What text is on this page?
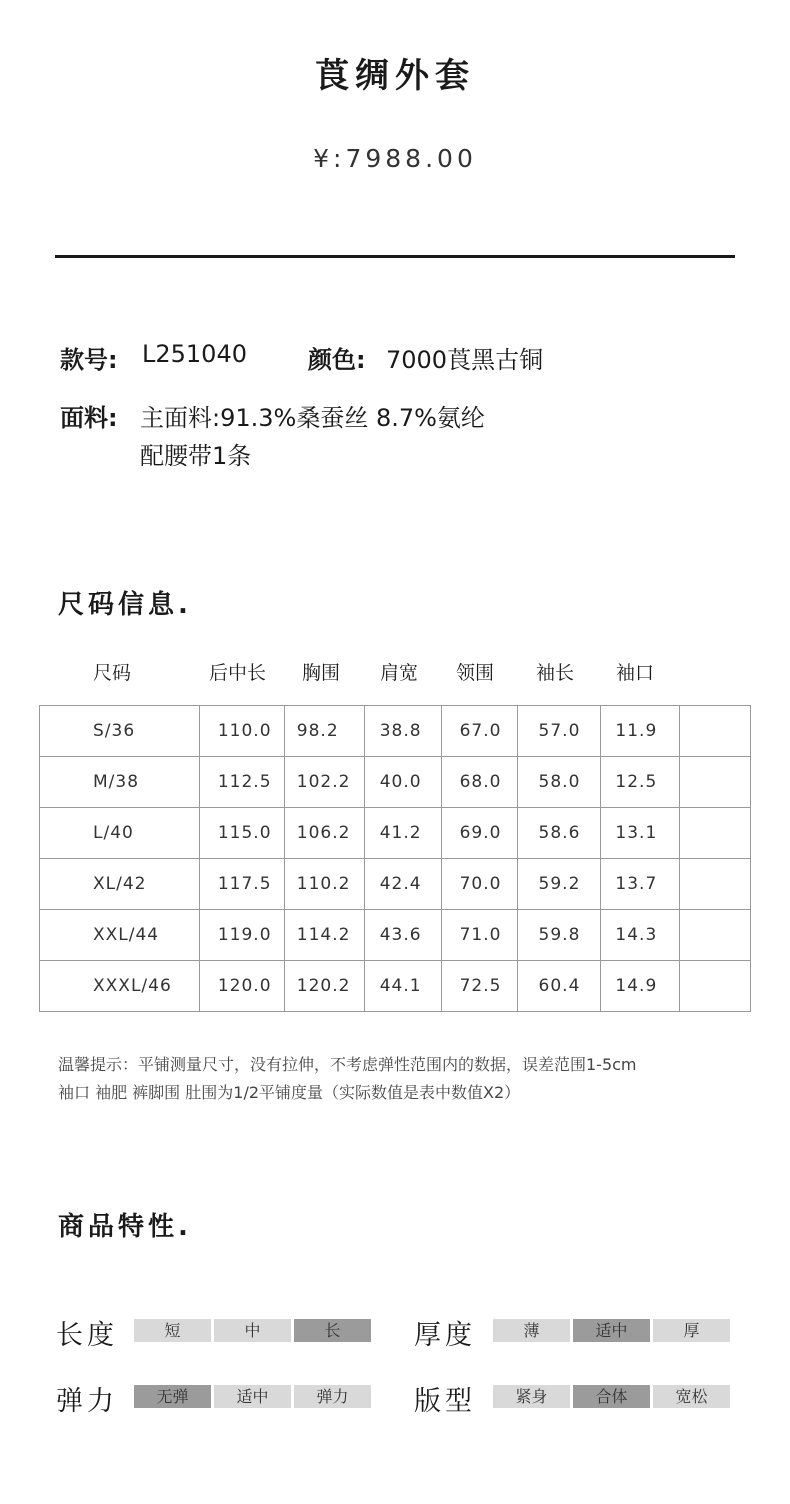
莨绸外套
¥:7988.00
款号: L251040	颜色: 7000莨黑古铜
面料: 主面料:91.3%桑蚕丝 8.7%氨纶
配腰带1条
尺码信息.
尺码	后中长 胸围 肩宽 领围 袖长 袖口
S/36	110.0	98.2	38.8	67.0	57.0	11.9	
M/38	112.5	102.2	40.0	68.0	58.0	12.5	
L/40	115.0	106.2	41.2	69.0	58.6	13.1	
XL/42	117.5	110.2	42.4	70.0	59.2	13.7	
XXL/44	119.0	114.2	43.6	71.0	59.8	14.3	
XXXL/46	120.0	120.2	44.1	72.5	60.4	14.9	
温馨提示：平铺测量尺寸，没有拉伸，不考虑弹性范围内的数据，误差范围1-5cm
袖口 袖肥 裤脚围 肚围为1/2平铺度量（实际数值是表中数值X2）
商品特性.
长度	短	中	长	厚度	薄	适中	厚
弹力	无弹	适中	弹力	版型	紧身	合体	宽松
